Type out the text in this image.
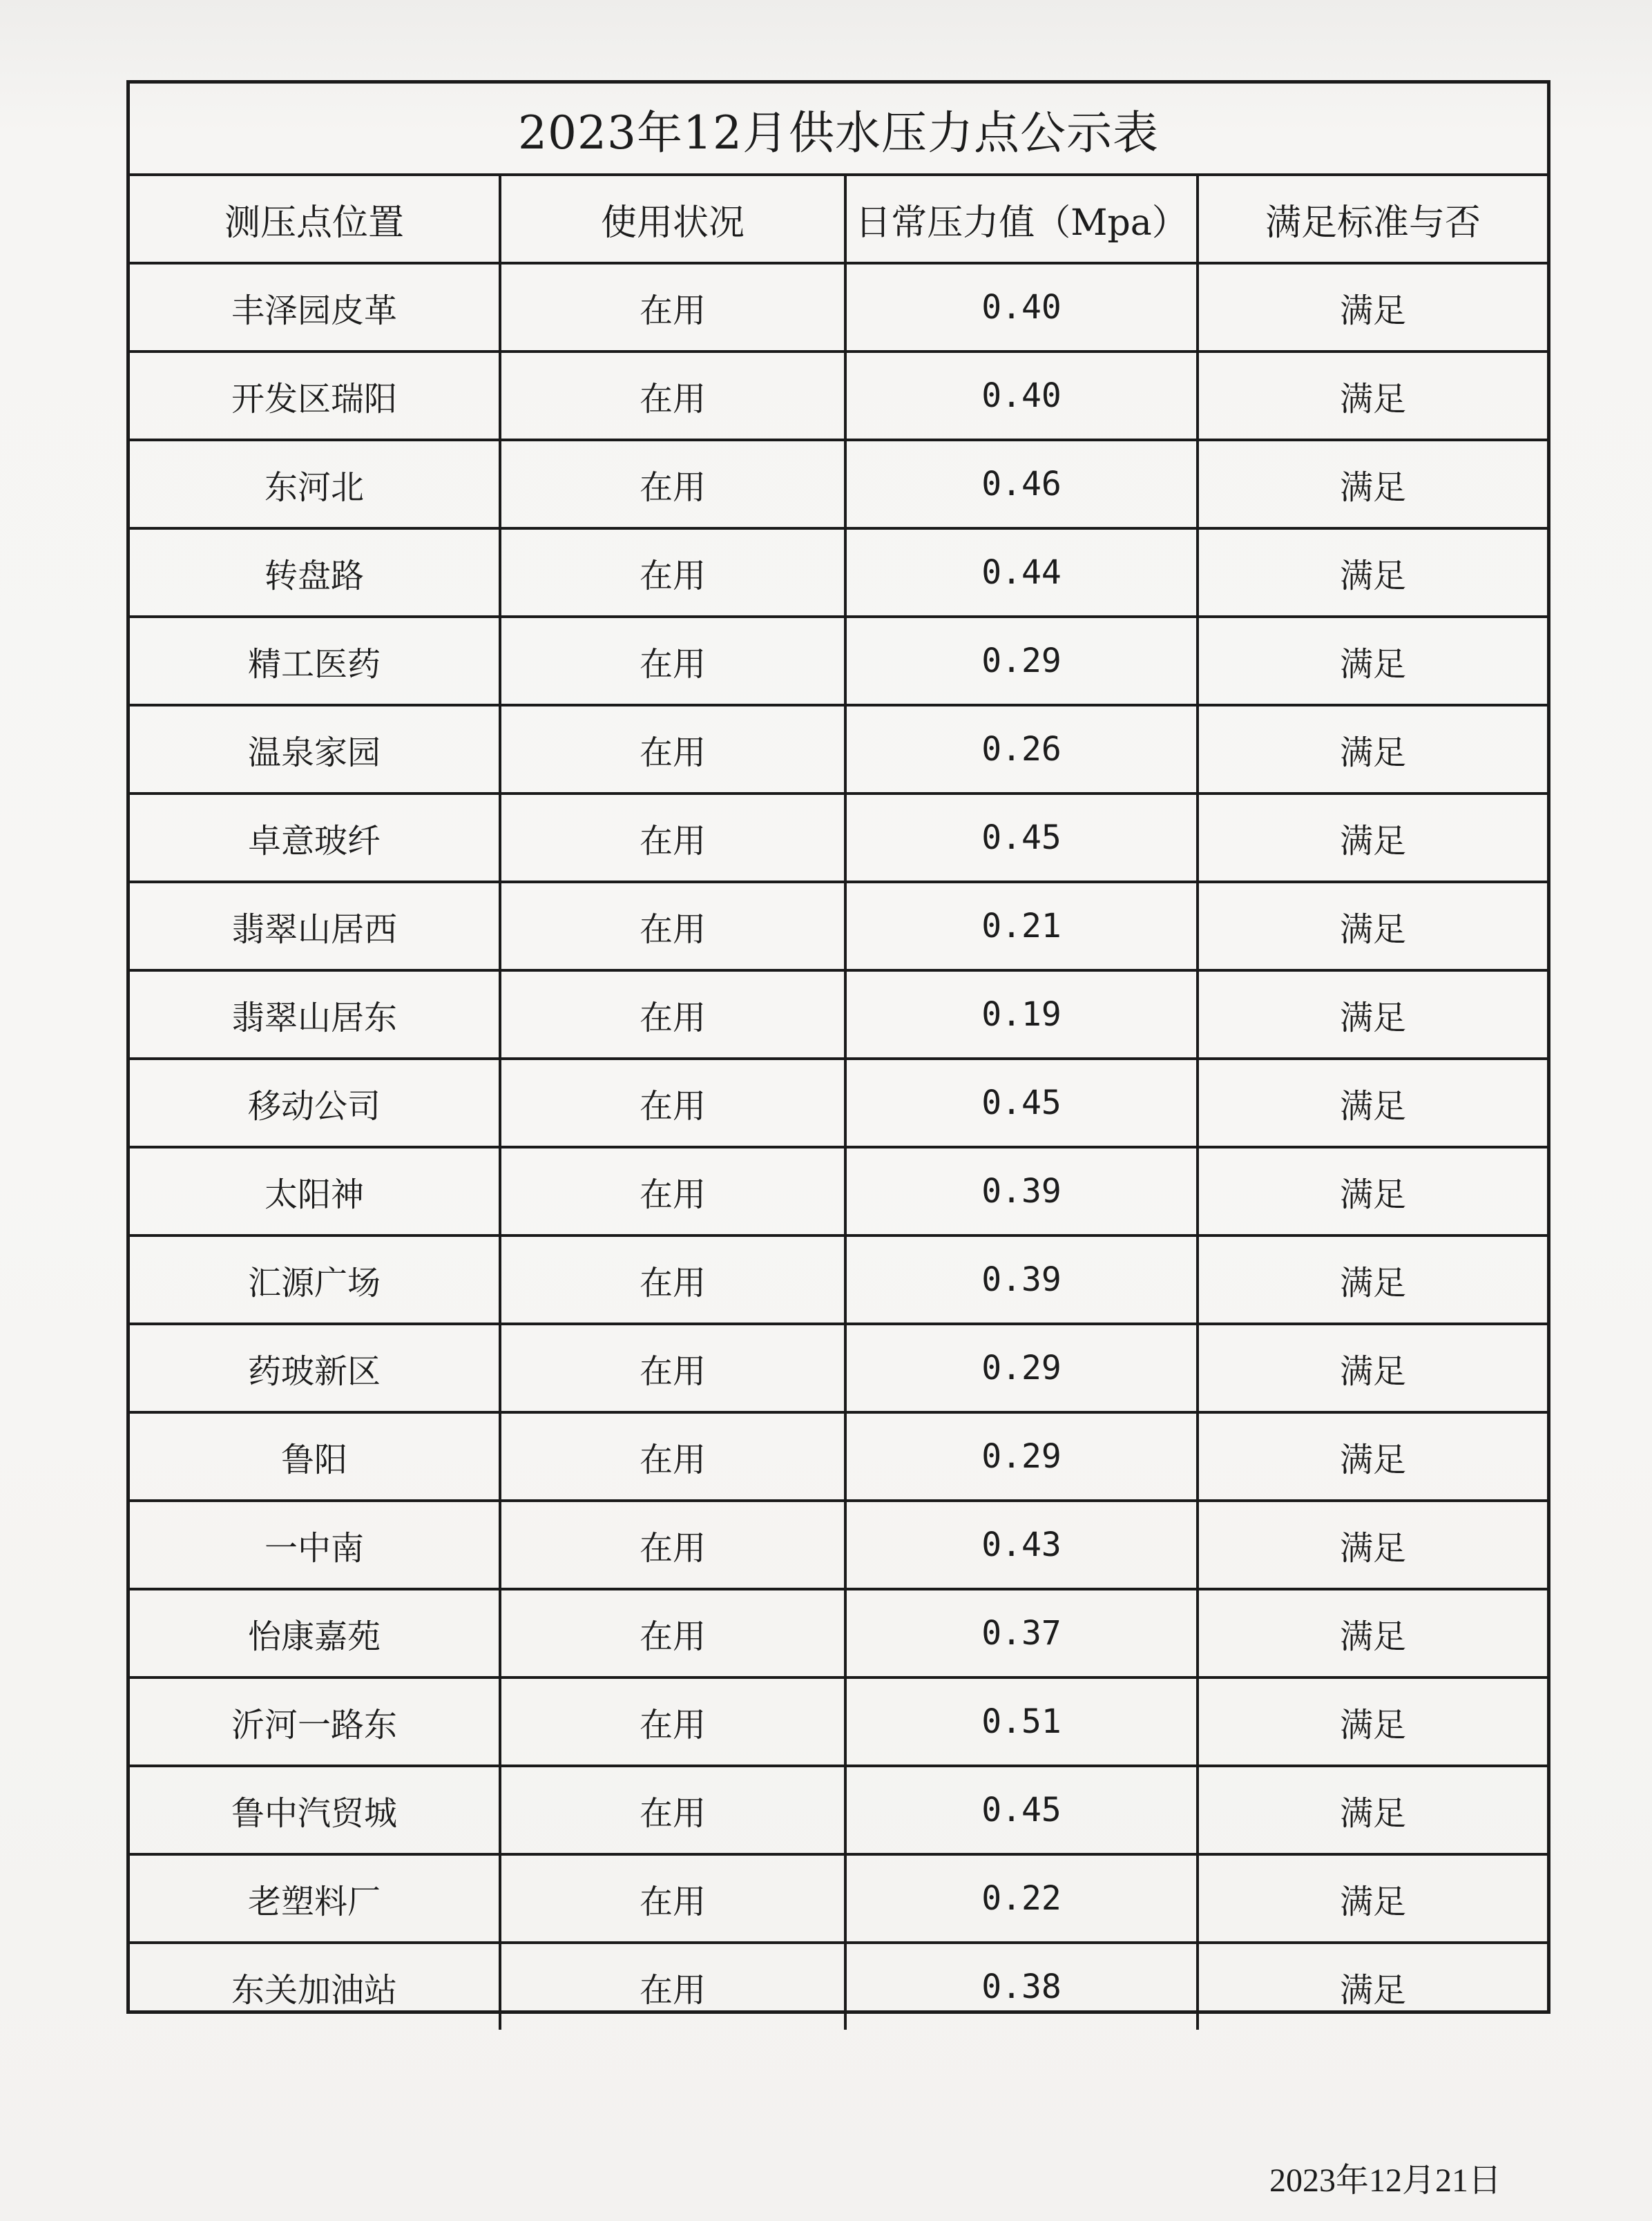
2023年12月供水压力点公示表			
测压点位置	使用状况	日常压力值（Mpa）	满足标准与否
丰泽园皮革	在用	0.40	满足
开发区瑞阳	在用	0.40	满足
东河北	在用	0.46	满足
转盘路	在用	0.44	满足
精工医药	在用	0.29	满足
温泉家园	在用	0.26	满足
卓意玻纤	在用	0.45	满足
翡翠山居西	在用	0.21	满足
翡翠山居东	在用	0.19	满足
移动公司	在用	0.45	满足
太阳神	在用	0.39	满足
汇源广场	在用	0.39	满足
药玻新区	在用	0.29	满足
鲁阳	在用	0.29	满足
一中南	在用	0.43	满足
怡康嘉苑	在用	0.37	满足
沂河一路东	在用	0.51	满足
鲁中汽贸城	在用	0.45	满足
老塑料厂	在用	0.22	满足
东关加油站	在用	0.38	满足
2023年12月21日
